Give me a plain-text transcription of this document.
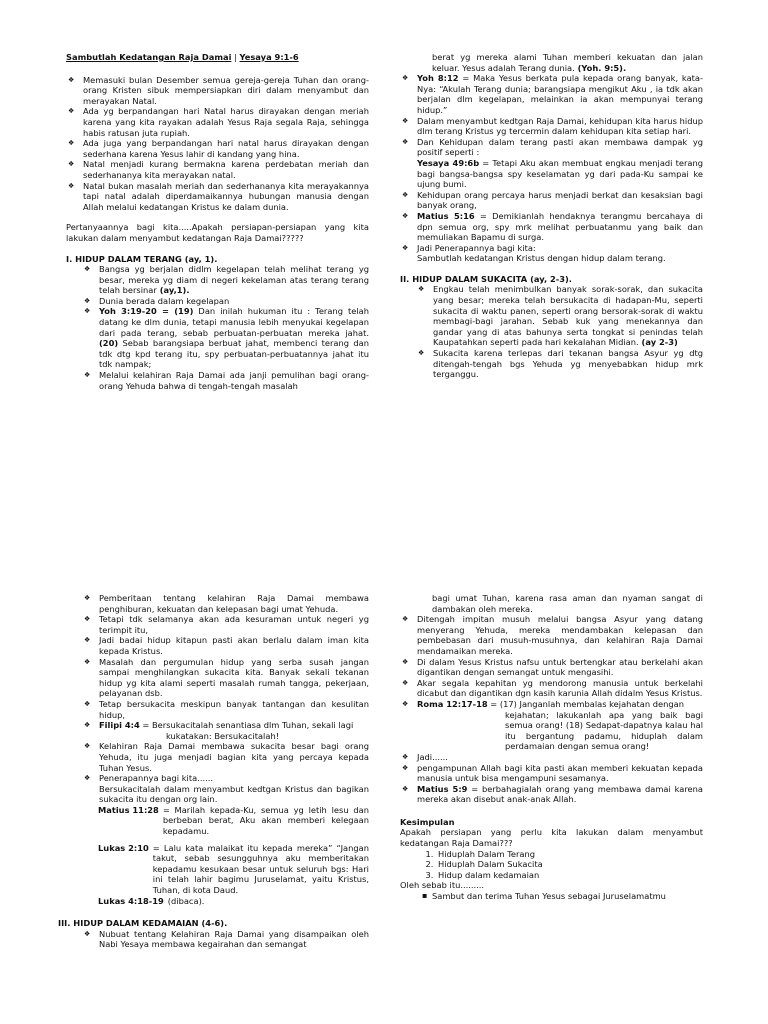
Sambutlah Kedatangan Raja Damai | Yesaya 9:1-6

❖ Memasuki bulan Desember semua gereja-gereja Tuhan dan orang-orang Kristen sibuk mempersiapkan diri dalam menyambut dan merayakan Natal.
❖ Ada yg berpandangan hari Natal harus dirayakan dengan meriah karena yang kita rayakan adalah Yesus Raja segala Raja, sehingga habis ratusan juta rupiah.
❖ Ada juga yang berpandangan hari natal harus dirayakan dengan sederhana karena Yesus lahir di kandang yang hina.
❖ Natal menjadi kurang bermakna karena perdebatan meriah dan sederhananya kita merayakan natal.
❖ Natal bukan masalah meriah dan sederhananya kita merayakannya tapi natal adalah diperdamaikannya hubungan manusia dengan Allah melalui kedatangan Kristus ke dalam dunia.

Pertanyaannya bagi kita.....Apakah persiapan-persiapan yang kita lakukan dalam menyambut kedatangan Raja Damai?????

I. HIDUP DALAM TERANG (ay, 1).

❖ Bangsa yg berjalan didlm kegelapan telah melihat terang yg besar, mereka yg diam di negeri kekelaman atas terang terang telah bersinar (ay,1).
❖ Dunia berada dalam kegelapan
❖ Yoh 3:19-20 = (19) Dan inilah hukuman itu : Terang telah datang ke dlm dunia, tetapi manusia lebih menyukai kegelapan dari pada terang, sebab perbuatan-perbuatan mereka jahat. (20) Sebab barangsiapa berbuat jahat, membenci terang dan tdk dtg kpd terang itu, spy perbuatan-perbuatannya jahat itu tdk nampak;
❖ Melalui kelahiran Raja Damai ada janji pemulihan bagi orang-orang Yehuda bahwa di tengah-tengah masalah

berat yg mereka alami Tuhan memberi kekuatan dan jalan keluar. Yesus adalah Terang dunia. (Yoh. 9:5).

❖ Yoh 8:12 = Maka Yesus berkata pula kepada orang banyak, kata-Nya: “Akulah Terang dunia; barangsiapa mengikut Aku , ia tdk akan berjalan dlm kegelapan, melainkan ia akan mempunyai terang hidup.”
❖ Dalam menyambut kedtgan Raja Damai, kehidupan kita harus hidup dlm terang Kristus yg tercermin dalam kehidupan kita setiap hari.
❖ Dan Kehidupan dalam terang pasti akan membawa dampak yg positif seperti :
Yesaya 49:6b = Tetapi Aku akan membuat engkau menjadi terang bagi bangsa-bangsa spy keselamatan yg dari pada-Ku sampai ke ujung bumi.
❖ Kehidupan orang percaya harus menjadi berkat dan kesaksian bagi banyak orang,
❖ Matius 5:16 = Demikianlah hendaknya terangmu bercahaya di dpn semua org, spy mrk melihat perbuatanmu yang baik dan memuliakan Bapamu di surga.
❖ Jadi Penerapannya bagi kita:
Sambutlah kedatangan Kristus dengan hidup dalam terang.

II. HIDUP DALAM SUKACITA (ay, 2-3).

❖ Engkau telah menimbulkan banyak sorak-sorak, dan sukacita yang besar; mereka telah bersukacita di hadapan-Mu, seperti sukacita di waktu panen, seperti orang bersorak-sorak di waktu membagi-bagi jarahan. Sebab kuk yang menekannya dan gandar yang di atas bahunya serta tongkat si penindas telah Kaupatahkan seperti pada hari kekalahan Midian. (ay 2-3)
❖ Sukacita karena terlepas dari tekanan bangsa Asyur yg dtg ditengah-tengah bgs Yehuda yg menyebabkan hidup mrk terganggu.
❖ Pemberitaan tentang kelahiran Raja Damai membawa penghiburan, kekuatan dan kelepasan bagi umat Yehuda.
❖ Tetapi tdk selamanya akan ada kesuraman untuk negeri yg terimpit itu,
❖ Jadi badai hidup kitapun pasti akan berlalu dalam iman kita kepada Kristus.
❖ Masalah dan pergumulan hidup yang serba susah jangan sampai menghilangkan sukacita kita. Banyak sekali tekanan hidup yg kita alami seperti masalah rumah tangga, pekerjaan, pelayanan dsb.
❖ Tetap bersukacita meskipun banyak tantangan dan kesulitan hidup,
❖ Filipi 4:4 = Bersukacitalah senantiasa dlm Tuhan, sekali lagi

kukatakan: Bersukacitalah!

❖ Kelahiran Raja Damai membawa sukacita besar bagi orang Yehuda, itu juga menjadi bagian kita yang percaya kepada Tuhan Yesus.
❖ Penerapannya bagi kita......
Bersukacitalah dalam menyambut kedtgan Kristus dan bagikan sukacita itu dengan org lain.
Matius 11:28 = Marilah kepada-Ku, semua yg letih lesu dan berbeban berat, Aku akan memberi kelegaan kepadamu.
Lukas 2:10 = Lalu kata malaikat itu kepada mereka” “Jangan takut, sebab sesungguhnya aku memberitakan kepadamu kesukaan besar untuk seluruh bgs: Hari ini telah lahir bagimu Juruselamat, yaitu Kristus, Tuhan, di kota Daud.
Lukas 4:18-19 (dibaca).

III. HIDUP DALAM KEDAMAIAN (4-6).

❖ Nubuat tentang Kelahiran Raja Damai yang disampaikan oleh Nabi Yesaya membawa kegairahan dan semangat

bagi umat Tuhan, karena rasa aman dan nyaman sangat di dambakan oleh mereka.

❖ Ditengah impitan musuh melalui bangsa Asyur yang datang menyerang Yehuda, mereka mendambakan kelepasan dan pembebasan dari musuh-musuhnya, dan kelahiran Raja Damai mendamaikan mereka.
❖ Di dalam Yesus Kristus nafsu untuk bertengkar atau berkelahi akan digantikan dengan semangat untuk mengasihi.
❖ Akar segala kepahitan yg mendorong manusia untuk berkelahi dicabut dan digantikan dgn kasih karunia Allah didalm Yesus Kristus.
❖ Roma 12:17-18 = (17) Janganlah membalas kejahatan dengan

kejahatan; lakukanlah apa yang baik bagi semua orang! (18) Sedapat-dapatnya kalau hal itu bergantung padamu, hiduplah dalam perdamaian dengan semua orang!

❖ Jadi......
❖ pengampunan Allah bagi kita pasti akan memberi kekuatan kepada manusia untuk bisa mengampuni sesamanya.
❖ Matius 5:9 = berbahagialah orang yang membawa damai karena mereka akan disebut anak-anak Allah.

Kesimpulan

Apakah persiapan yang perlu kita lakukan dalam menyambut kedatangan Raja Damai???

1. Hiduplah Dalam Terang
2. Hiduplah Dalam Sukacita
3. Hidup dalam kedamaian

Oleh sebab itu.........

▪ Sambut dan terima Tuhan Yesus sebagai Juruselamatmu
